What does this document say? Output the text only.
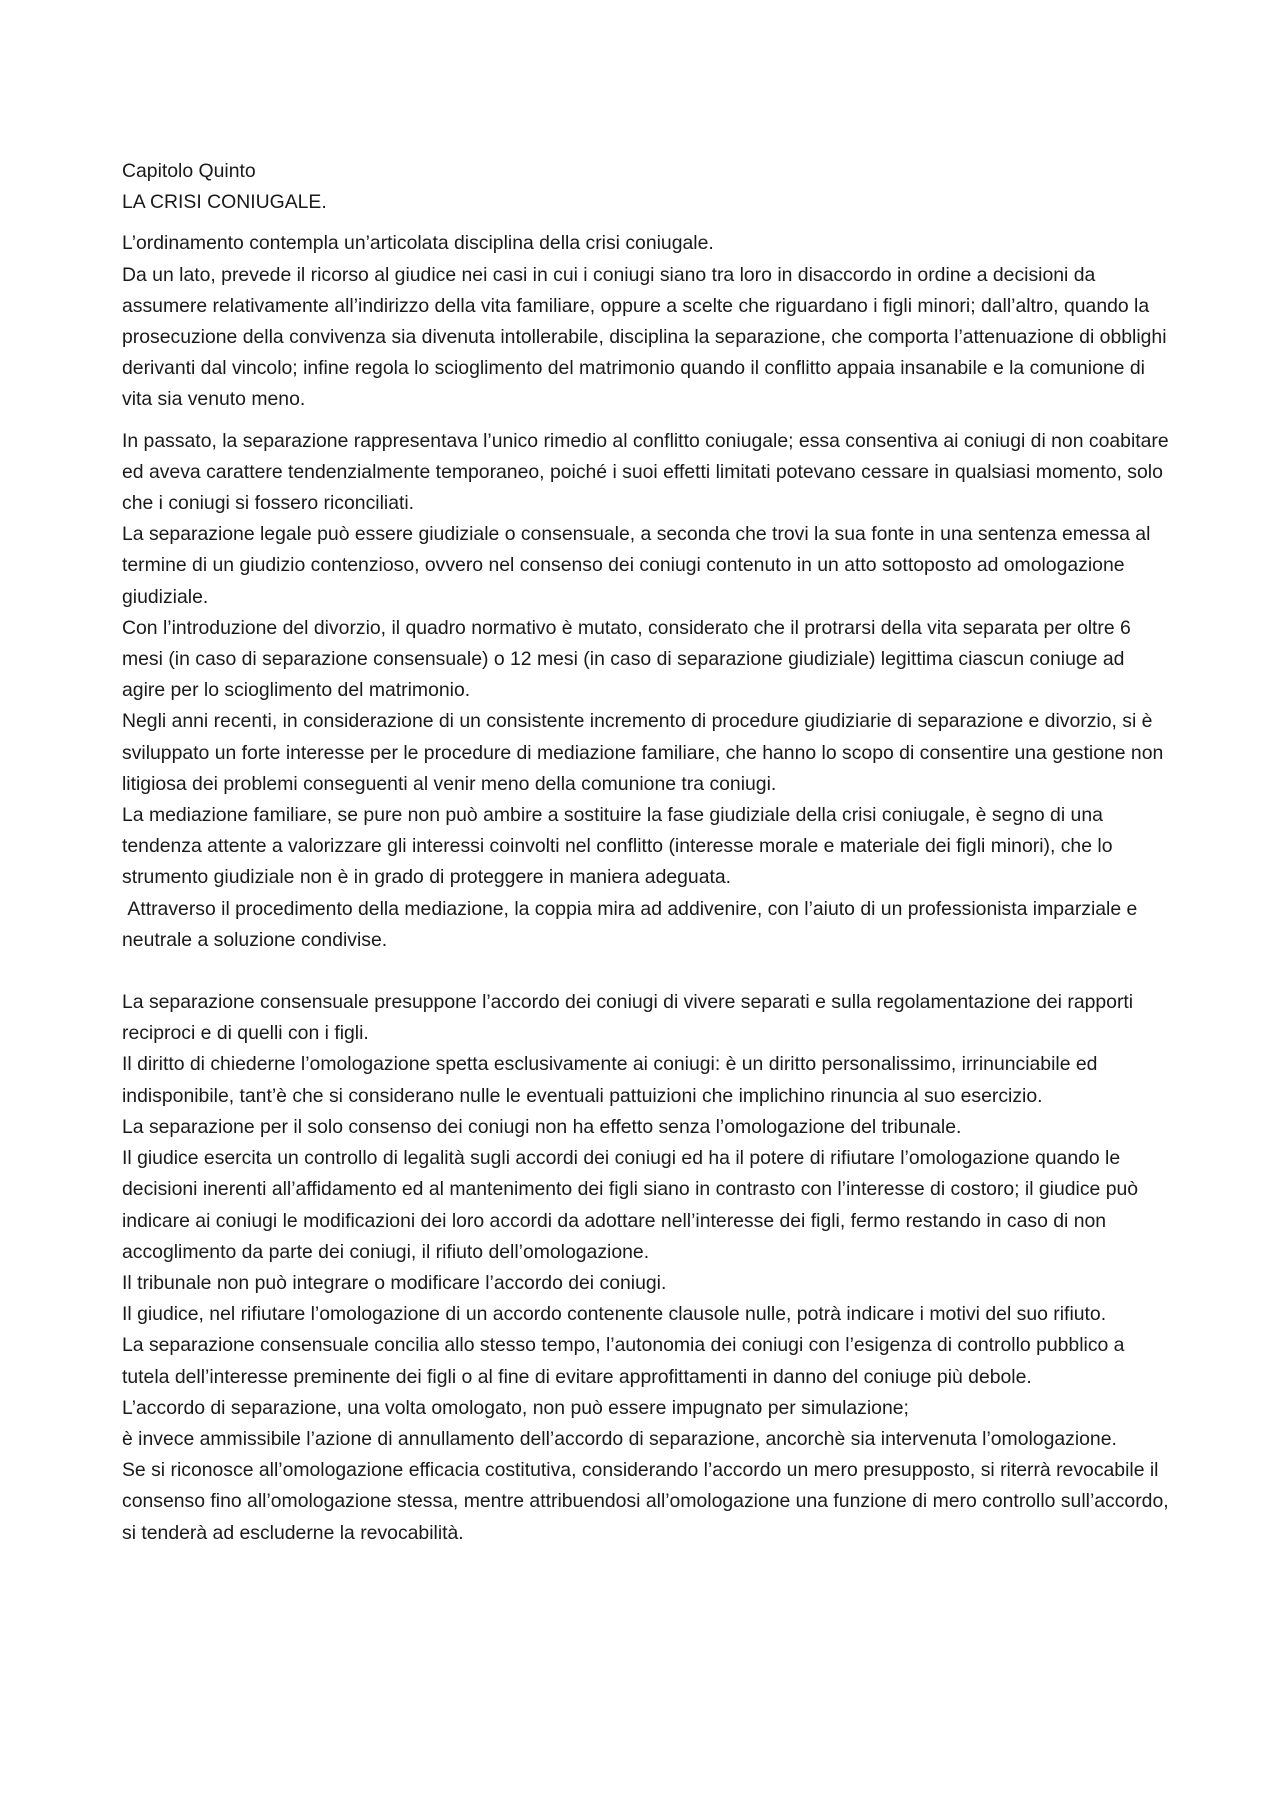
Capitolo Quinto

LA CRISI CONIUGALE.

L’ordinamento contempla un’articolata disciplina della crisi coniugale.

Da un lato, prevede il ricorso al giudice nei casi in cui i coniugi siano tra loro in disaccordo in ordine a decisioni da assumere relativamente all’indirizzo della vita familiare, oppure a scelte che riguardano i figli minori; dall’altro, quando la prosecuzione della convivenza sia divenuta intollerabile, disciplina la separazione, che comporta l’attenuazione di obblighi derivanti dal vincolo; infine regola lo scioglimento del matrimonio quando il conflitto appaia insanabile e la comunione di vita sia venuto meno.

In passato, la separazione rappresentava l’unico rimedio al conflitto coniugale; essa consentiva ai coniugi di non coabitare ed aveva carattere tendenzialmente temporaneo, poiché i suoi effetti limitati potevano cessare in qualsiasi momento, solo che i coniugi si fossero riconciliati.

La separazione legale può essere giudiziale o consensuale, a seconda che trovi la sua fonte in una sentenza emessa al termine di un giudizio contenzioso, ovvero nel consenso dei coniugi contenuto in un atto sottoposto ad omologazione giudiziale.

Con l’introduzione del divorzio, il quadro normativo è mutato, considerato che il protrarsi della vita separata per oltre 6 mesi (in caso di separazione consensuale) o 12 mesi (in caso di separazione giudiziale) legittima ciascun coniuge ad agire per lo scioglimento del matrimonio.

Negli anni recenti, in considerazione di un consistente incremento di procedure giudiziarie di separazione e divorzio, si è sviluppato un forte interesse per le procedure di mediazione familiare, che hanno lo scopo di consentire una gestione non litigiosa dei problemi conseguenti al venir meno della comunione tra coniugi.

La mediazione familiare, se pure non può ambire a sostituire la fase giudiziale della crisi coniugale, è segno di una tendenza attente a valorizzare gli interessi coinvolti nel conflitto (interesse morale e materiale dei figli minori), che lo strumento giudiziale non è in grado di proteggere in maniera adeguata.

Attraverso il procedimento della mediazione, la coppia mira ad addivenire, con l’aiuto di un professionista imparziale e neutrale a soluzione condivise.

La separazione consensuale presuppone l’accordo dei coniugi di vivere separati e sulla regolamentazione dei rapporti reciproci e di quelli con i figli.

Il diritto di chiederne l’omologazione spetta esclusivamente ai coniugi: è un diritto personalissimo, irrinunciabile ed indisponibile, tant’è che si considerano nulle le eventuali pattuizioni che implichino rinuncia al suo esercizio.

La separazione per il solo consenso dei coniugi non ha effetto senza l’omologazione del tribunale.

Il giudice esercita un controllo di legalità sugli accordi dei coniugi ed ha il potere di rifiutare l’omologazione quando le decisioni inerenti all’affidamento ed al mantenimento dei figli siano in contrasto con l’interesse di costoro; il giudice può indicare ai coniugi le modificazioni dei loro accordi da adottare nell’interesse dei figli, fermo restando in caso di non accoglimento da parte dei coniugi, il rifiuto dell’omologazione.

Il tribunale non può integrare o modificare l’accordo dei coniugi.

Il giudice, nel rifiutare l’omologazione di un accordo contenente clausole nulle, potrà indicare i motivi del suo rifiuto.

La separazione consensuale concilia allo stesso tempo, l’autonomia dei coniugi con l’esigenza di controllo pubblico a tutela dell’interesse preminente dei figli o al fine di evitare approfittamenti in danno del coniuge più debole.

L’accordo di separazione, una volta omologato, non può essere impugnato per simulazione;

è invece ammissibile l’azione di annullamento dell’accordo di separazione, ancorchè sia intervenuta l’omologazione.

Se si riconosce all’omologazione efficacia costitutiva, considerando l’accordo un mero presupposto, si riterrà revocabile il consenso fino all’omologazione stessa, mentre attribuendosi all’omologazione una funzione di mero controllo sull’accordo, si tenderà ad escluderne la revocabilità.
